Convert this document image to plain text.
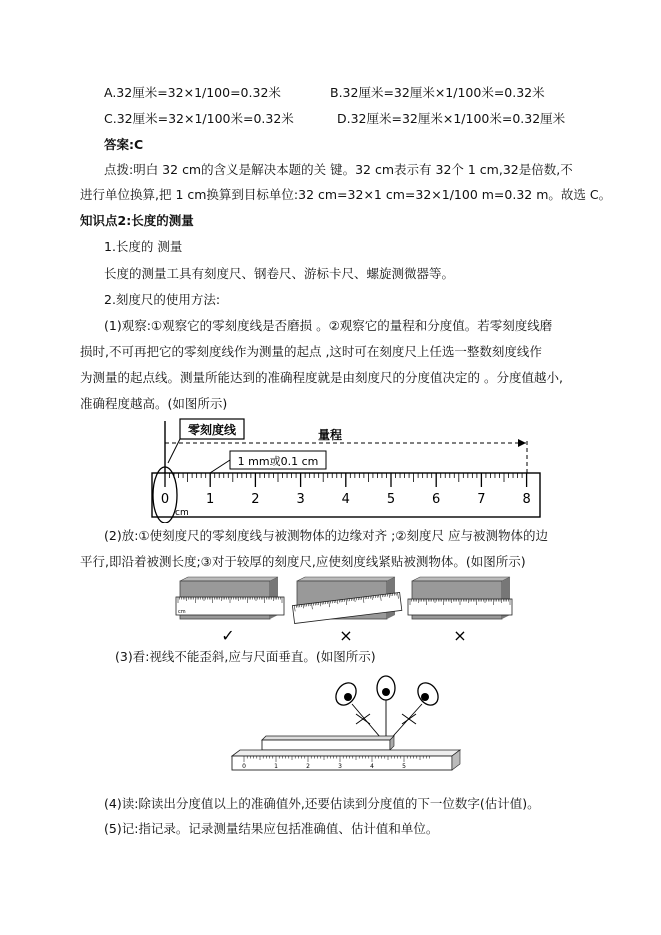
A.32厘米=32×1/100=0.32米	B.32厘米=32厘米×1/100米=0.32米
C.32厘米=32×1/100米=0.32米	D.32厘米=32厘米×1/100米=0.32厘米
答案:C
点拨:明白 32 cm的含义是解决本题的关 键。32 cm表示有 32个 1 cm,32是倍数,不
进行单位换算,把 1 cm换算到目标单位:32 cm=32×1 cm=32×1/100 m=0.32 m。故选 C。
知识点2:长度的测量
1.长度的 测量
长度的测量工具有刻度尺、钢卷尺、游标卡尺、螺旋测微器等。
2.刻度尺的使用方法:
(1)观察:①观察它的零刻度线是否磨损 。②观察它的量程和分度值。若零刻度线磨
损时,不可再把它的零刻度线作为测量的起点 ,这时可在刻度尺上任选一整数刻度线作
为测量的起点线。测量所能达到的准确程度就是由刻度尺的分度值决定的 。分度值越小,
准确程度越高。(如图所示)
零刻度线	量程
1 mm或0.1 cm
0	1	2	3	4	5	6	7	8
cm
(2)放:①使刻度尺的零刻度线与被测物体的边缘对齐 ;②刻度尺 应与被测物体的边
平行,即沿着被测长度;③对于较厚的刻度尺,应使刻度线紧贴被测物体。(如图所示)
cm
✓	×	×
(3)看:视线不能歪斜,应与尺面垂直。(如图所示)
0	1	2	3	4	5
(4)读:除读出分度值以上的准确值外,还要估读到分度值的下一位数字(估计值)。
(5)记:指记录。记录测量结果应包括准确值、估计值和单位。
